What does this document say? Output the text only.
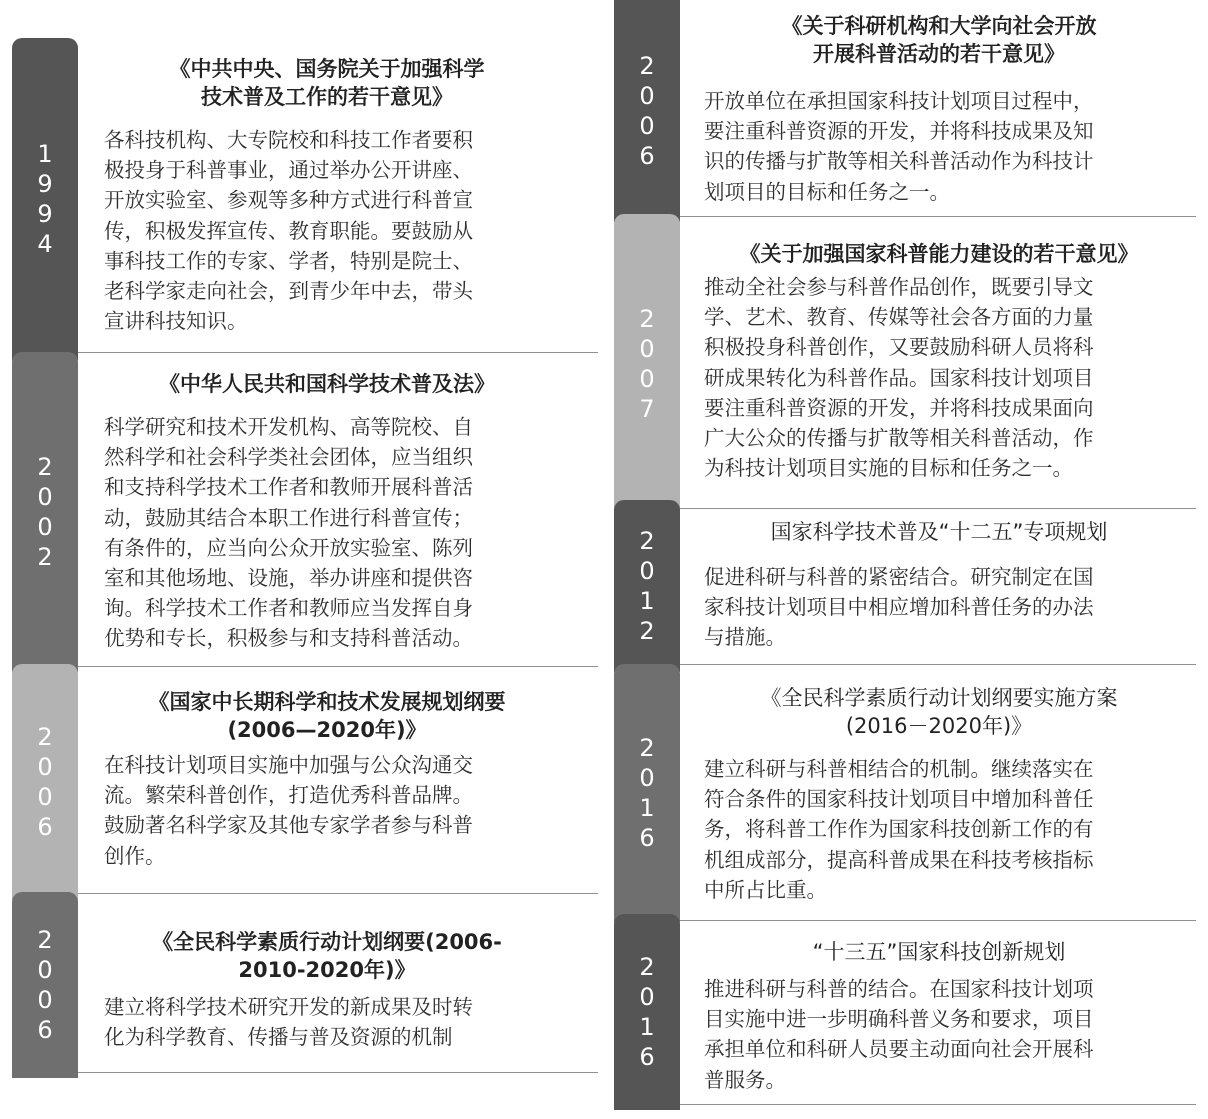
1994

《中共中央、国务院关于加强科学
技术普及工作的若干意见》

各科技机构、大专院校和科技工作者要积
极投身于科普事业，通过举办公开讲座、
开放实验室、参观等多种方式进行科普宣
传，积极发挥宣传、教育职能。要鼓励从
事科技工作的专家、学者，特别是院士、
老科学家走向社会，到青少年中去，带头
宣讲科技知识。

2002

《中华人民共和国科学技术普及法》

科学研究和技术开发机构、高等院校、自
然科学和社会科学类社会团体，应当组织
和支持科学技术工作者和教师开展科普活
动，鼓励其结合本职工作进行科普宣传；
有条件的，应当向公众开放实验室、陈列
室和其他场地、设施，举办讲座和提供咨
询。科学技术工作者和教师应当发挥自身
优势和专长，积极参与和支持科普活动。

2006

《国家中长期科学和技术发展规划纲要
(2006—2020年)》

在科技计划项目实施中加强与公众沟通交
流。繁荣科普创作，打造优秀科普品牌。
鼓励著名科学家及其他专家学者参与科普
创作。

2006

《全民科学素质行动计划纲要(2006-
2010-2020年)》

建立将科学技术研究开发的新成果及时转
化为科学教育、传播与普及资源的机制

2006

《关于科研机构和大学向社会开放
开展科普活动的若干意见》

开放单位在承担国家科技计划项目过程中，
要注重科普资源的开发，并将科技成果及知
识的传播与扩散等相关科普活动作为科技计
划项目的目标和任务之一。

2007

《关于加强国家科普能力建设的若干意见》

推动全社会参与科普作品创作，既要引导文
学、艺术、教育、传媒等社会各方面的力量
积极投身科普创作，又要鼓励科研人员将科
研成果转化为科普作品。国家科技计划项目
要注重科普资源的开发，并将科技成果面向
广大公众的传播与扩散等相关科普活动，作
为科技计划项目实施的目标和任务之一。

2012

国家科学技术普及“十二五”专项规划

促进科研与科普的紧密结合。研究制定在国
家科技计划项目中相应增加科普任务的办法
与措施。

2016

《全民科学素质行动计划纲要实施方案
(2016－2020年)》

建立科研与科普相结合的机制。继续落实在
符合条件的国家科技计划项目中增加科普任
务，将科普工作作为国家科技创新工作的有
机组成部分，提高科普成果在科技考核指标
中所占比重。

2016

“十三五”国家科技创新规划

推进科研与科普的结合。在国家科技计划项
目实施中进一步明确科普义务和要求，项目
承担单位和科研人员要主动面向社会开展科
普服务。
